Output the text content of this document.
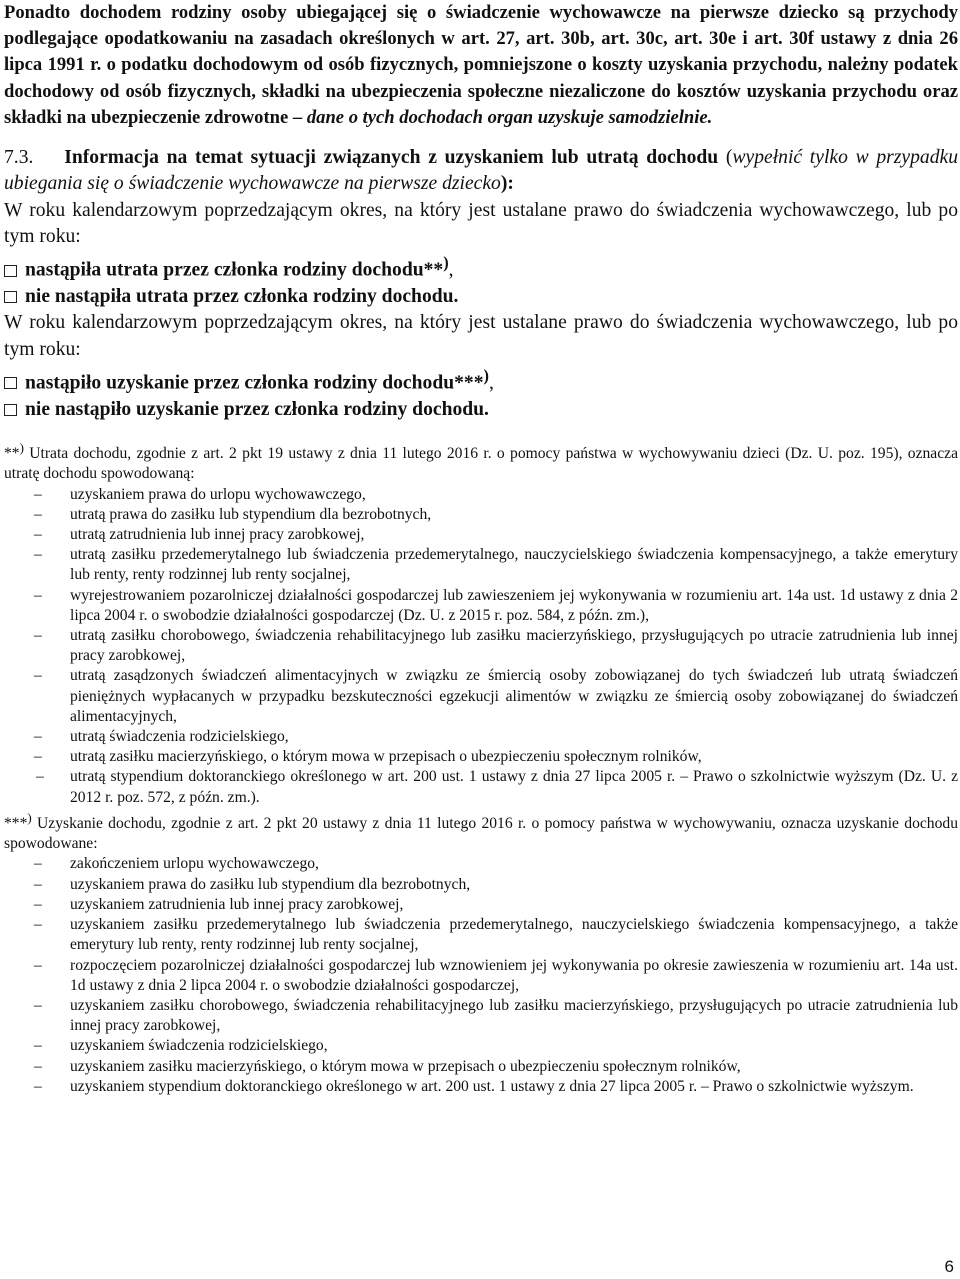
Ponadto dochodem rodziny osoby ubiegającej się o świadczenie wychowawcze na pierwsze dziecko są przychody podlegające opodatkowaniu na zasadach określonych w art. 27, art. 30b, art. 30c, art. 30e i art. 30f ustawy z dnia 26 lipca 1991 r. o podatku dochodowym od osób fizycznych, pomniejszone o koszty uzyskania przychodu, należny podatek dochodowy od osób fizycznych, składki na ubezpieczenia społeczne niezaliczone do kosztów uzyskania przychodu oraz składki na ubezpieczenie zdrowotne – dane o tych dochodach organ uzyskuje samodzielnie.

7.3. Informacja na temat sytuacji związanych z uzyskaniem lub utratą dochodu (wypełnić tylko w przypadku ubiegania się o świadczenie wychowawcze na pierwsze dziecko):

W roku kalendarzowym poprzedzającym okres, na który jest ustalane prawo do świadczenia wychowawczego, lub po tym roku:

nastąpiła utrata przez członka rodziny dochodu**),
nie nastąpiła utrata przez członka rodziny dochodu.

W roku kalendarzowym poprzedzającym okres, na który jest ustalane prawo do świadczenia wychowawczego, lub po tym roku:

nastąpiło uzyskanie przez członka rodziny dochodu***),
nie nastąpiło uzyskanie przez członka rodziny dochodu.

**) Utrata dochodu, zgodnie z art. 2 pkt 19 ustawy z dnia 11 lutego 2016 r. o pomocy państwa w wychowywaniu dzieci (Dz. U. poz. 195), oznacza utratę dochodu spowodowaną:

– uzyskaniem prawa do urlopu wychowawczego,
– utratą prawa do zasiłku lub stypendium dla bezrobotnych,
– utratą zatrudnienia lub innej pracy zarobkowej,
– utratą zasiłku przedemerytalnego lub świadczenia przedemerytalnego, nauczycielskiego świadczenia kompensacyjnego, a także emerytury lub renty, renty rodzinnej lub renty socjalnej,
– wyrejestrowaniem pozarolniczej działalności gospodarczej lub zawieszeniem jej wykonywania w rozumieniu art. 14a ust. 1d ustawy z dnia 2 lipca 2004 r. o swobodzie działalności gospodarczej (Dz. U. z 2015 r. poz. 584, z późn. zm.),
– utratą zasiłku chorobowego, świadczenia rehabilitacyjnego lub zasiłku macierzyńskiego, przysługujących po utracie zatrudnienia lub innej pracy zarobkowej,
– utratą zasądzonych świadczeń alimentacyjnych w związku ze śmiercią osoby zobowiązanej do tych świadczeń lub utratą świadczeń pieniężnych wypłacanych w przypadku bezskuteczności egzekucji alimentów w związku ze śmiercią osoby zobowiązanej do świadczeń alimentacyjnych,
– utratą świadczenia rodzicielskiego,
– utratą zasiłku macierzyńskiego, o którym mowa w przepisach o ubezpieczeniu społecznym rolników,
– utratą stypendium doktoranckiego określonego w art. 200 ust. 1 ustawy z dnia 27 lipca 2005 r. – Prawo o szkolnictwie wyższym (Dz. U. z 2012 r. poz. 572, z późn. zm.).

***) Uzyskanie dochodu, zgodnie z art. 2 pkt 20 ustawy z dnia 11 lutego 2016 r. o pomocy państwa w wychowywaniu, oznacza uzyskanie dochodu spowodowane:

– zakończeniem urlopu wychowawczego,
– uzyskaniem prawa do zasiłku lub stypendium dla bezrobotnych,
– uzyskaniem zatrudnienia lub innej pracy zarobkowej,
– uzyskaniem zasiłku przedemerytalnego lub świadczenia przedemerytalnego, nauczycielskiego świadczenia kompensacyjnego, a także emerytury lub renty, renty rodzinnej lub renty socjalnej,
– rozpoczęciem pozarolniczej działalności gospodarczej lub wznowieniem jej wykonywania po okresie zawieszenia w rozumieniu art. 14a ust. 1d ustawy z dnia 2 lipca 2004 r. o swobodzie działalności gospodarczej,
– uzyskaniem zasiłku chorobowego, świadczenia rehabilitacyjnego lub zasiłku macierzyńskiego, przysługujących po utracie zatrudnienia lub innej pracy zarobkowej,
– uzyskaniem świadczenia rodzicielskiego,
– uzyskaniem zasiłku macierzyńskiego, o którym mowa w przepisach o ubezpieczeniu społecznym rolników,
– uzyskaniem stypendium doktoranckiego określonego w art. 200 ust. 1 ustawy z dnia 27 lipca 2005 r. – Prawo o szkolnictwie wyższym.
6
